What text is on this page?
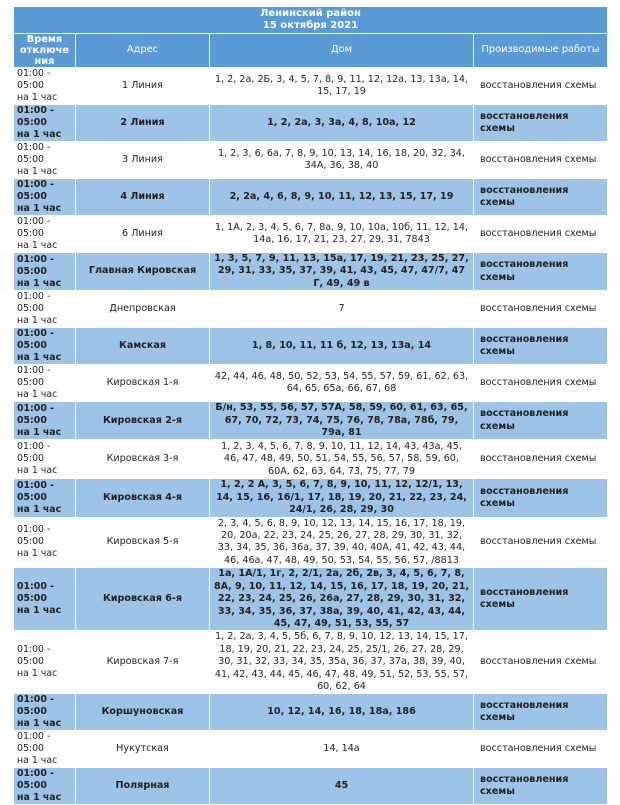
Ленинский район
15 октября 2021			
Время отключения	Адрес	Дом	Производимые работы
01:00 - 05:00
на 1 час	1 Линия	1, 2, 2а, 2Б, 3, 4, 5, 7, 8, 9, 11, 12, 12а, 13, 13а, 14, 15, 17, 19	восстановления схемы
01:00 - 05:00
на 1 час	2 Линия	1, 2, 2а, 3, 3а, 4, 8, 10а, 12	восстановления схемы
01:00 - 05:00
на 1 час	3 Линия	1, 2, 3, 6, 6а, 7, 8, 9, 10, 13, 14, 16, 18, 20, 32, 34, 34А, 36, 38, 40	восстановления схемы
01:00 - 05:00
на 1 час	4 Линия	2, 2а, 4, 6, 8, 9, 10, 11, 12, 13, 15, 17, 19	восстановления схемы
01:00 - 05:00
на 1 час	6 Линия	1, 1А, 2, 3, 4, 5, 6, 7, 8а, 9, 10, 10а, 10б, 11, 12, 14, 14а, 16, 17, 21, 23, 27, 29, 31, 7843	восстановления схемы
01:00 - 05:00
на 1 час	Главная Кировская	1, 3, 5, 7, 9, 11, 13, 15а, 17, 19, 21, 23, 25, 27, 29, 31, 33, 35, 37, 39, 41, 43, 45, 47, 47/7, 47 Г, 49, 49 в	восстановления схемы
01:00 - 05:00
на 1 час	Днепровская	7	восстановления схемы
01:00 - 05:00
на 1 час	Камская	1, 8, 10, 11, 11 б, 12, 13, 13а, 14	восстановления схемы
01:00 - 05:00
на 1 час	Кировская 1-я	42, 44, 46, 48, 50, 52, 53, 54, 55, 57, 59, 61, 62, 63, 64, 65, 65а, 66, 67, 68	восстановления схемы
01:00 - 05:00
на 1 час	Кировская 2-я	Б/н, 53, 55, 56, 57, 57А, 58, 59, 60, 61, 63, 65, 67, 70, 72, 73, 74, 75, 76, 78, 78а, 78б, 79, 79а, 81	восстановления схемы
01:00 - 05:00
на 1 час	Кировская 3-я	1, 2, 3, 4, 5, 6, 7, 8, 9, 10, 11, 12, 14, 43, 43а, 45, 46, 47, 48, 49, 50, 51, 54, 55, 56, 57, 58, 59, 60, 60А, 62, 63, 64, 73, 75, 77, 79	восстановления схемы
01:00 - 05:00
на 1 час	Кировская 4-я	1, 2, 2 А, 3, 5, 6, 7, 8, 9, 10, 11, 12, 12/1, 13, 14, 15, 16, 16/1, 17, 18, 19, 20, 21, 22, 23, 24, 24/1, 26, 28, 29, 30	восстановления схемы
01:00 - 05:00
на 1 час	Кировская 5-я	2, 3, 4, 5, 6, 8, 9, 10, 12, 13, 14, 15, 16, 17, 18, 19, 20, 20а, 22, 23, 24, 25, 26, 27, 28, 29, 30, 31, 32, 33, 34, 35, 36, 36а, 37, 39, 40, 40А, 41, 42, 43, 44, 46, 46а, 47, 48, 49, 50, 53, 54, 55, 56, 57, /8813	восстановления схемы
01:00 - 05:00
на 1 час	Кировская 6-я	1а, 1А/1, 1г, 2, 2/1, 2а, 2б, 2в, 3, 4, 5, 6, 7, 8, 8А, 9, 10, 11, 12, 14, 15, 16, 17, 18, 19, 20, 21, 22, 23, 24, 25, 26, 26а, 27, 28, 29, 30, 31, 32, 33, 34, 35, 36, 37, 38а, 39, 40, 41, 42, 43, 44, 45, 47, 49, 51, 53, 55, 57	восстановления схемы
01:00 - 05:00
на 1 час	Кировская 7-я	1, 2, 2а, 3, 4, 5, 5б, 6, 7, 8, 9, 10, 12, 13, 14, 15, 17, 18, 19, 20, 21, 22, 23, 24, 25, 25/1, 26, 27, 28, 29, 30, 31, 32, 33, 34, 35, 35а, 36, 37, 37а, 38, 39, 40, 41, 42, 43, 44, 45, 46, 47, 48, 49, 51, 52, 53, 55, 57, 60, 62, 64	восстановления схемы
01:00 - 05:00
на 1 час	Коршуновская	10, 12, 14, 16, 18, 18а, 186	восстановления схемы
01:00 - 05:00
на 1 час	Нукутская	14, 14а	восстановления схемы
01:00 - 05:00
на 1 час	Полярная	45	восстановления схемы
